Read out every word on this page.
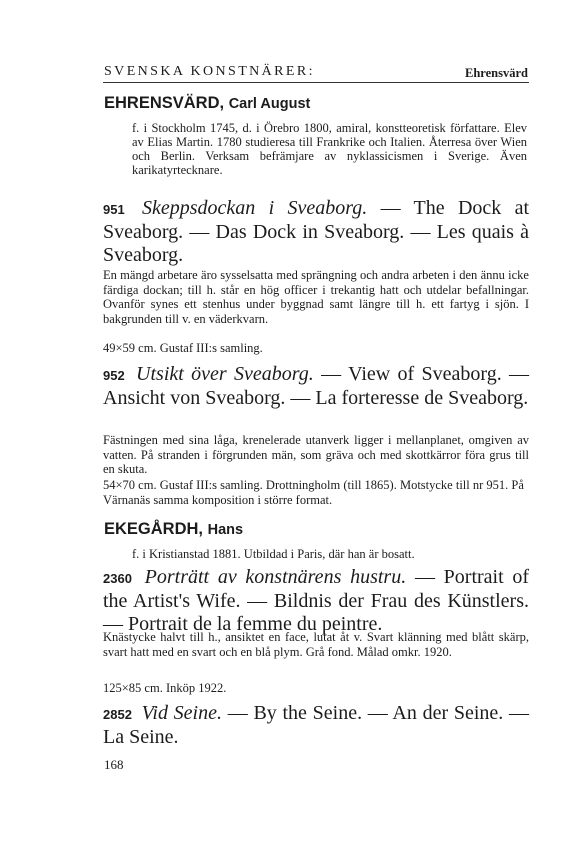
SVENSKA KONSTNÄRER:	Ehrensvärd
EHRENSVÄRD, Carl August
f. i Stockholm 1745, d. i Örebro 1800, amiral, konstteoretisk författare. Elev av Elias Martin. 1780 studieresa till Frankrike och Italien. Återresa över Wien och Berlin. Verksam befrämjare av nyklassicismen i Sverige. Även karikatyrtecknare.
951 Skeppsdockan i Sveaborg. — The Dock at Sveaborg. — Das Dock in Sveaborg. — Les quais à Sveaborg.
En mängd arbetare äro sysselsatta med sprängning och andra arbeten i den ännu icke färdiga dockan; till h. står en hög officer i trekantig hatt och utdelar befallningar. Ovanför synes ett stenhus under byggnad samt längre till h. ett fartyg i sjön. I bakgrunden till v. en väderkvarn.
49×59 cm. Gustaf III:s samling.
952 Utsikt över Sveaborg. — View of Sveaborg. — Ansicht von Sveaborg. — La forteresse de Sveaborg.
Fästningen med sina låga, krenelerade utanverk ligger i mellanplanet, omgiven av vatten. På stranden i förgrunden män, som gräva och med skottkärror föra grus till en skuta.
54×70 cm. Gustaf III:s samling. Drottningholm (till 1865). Motstycke till nr 951. På Värnanäs samma komposition i större format.
EKEGÅRDH, Hans
f. i Kristianstad 1881. Utbildad i Paris, där han är bosatt.
2360 Porträtt av konstnärens hustru. — Portrait of the Artist's Wife. — Bildnis der Frau des Künstlers. — Portrait de la femme du peintre.
Knästycke halvt till h., ansiktet en face, lutat åt v. Svart klänning med blått skärp, svart hatt med en svart och en blå plym. Grå fond. Målad omkr. 1920.
125×85 cm. Inköp 1922.
2852 Vid Seine. — By the Seine. — An der Seine. — La Seine.
168
